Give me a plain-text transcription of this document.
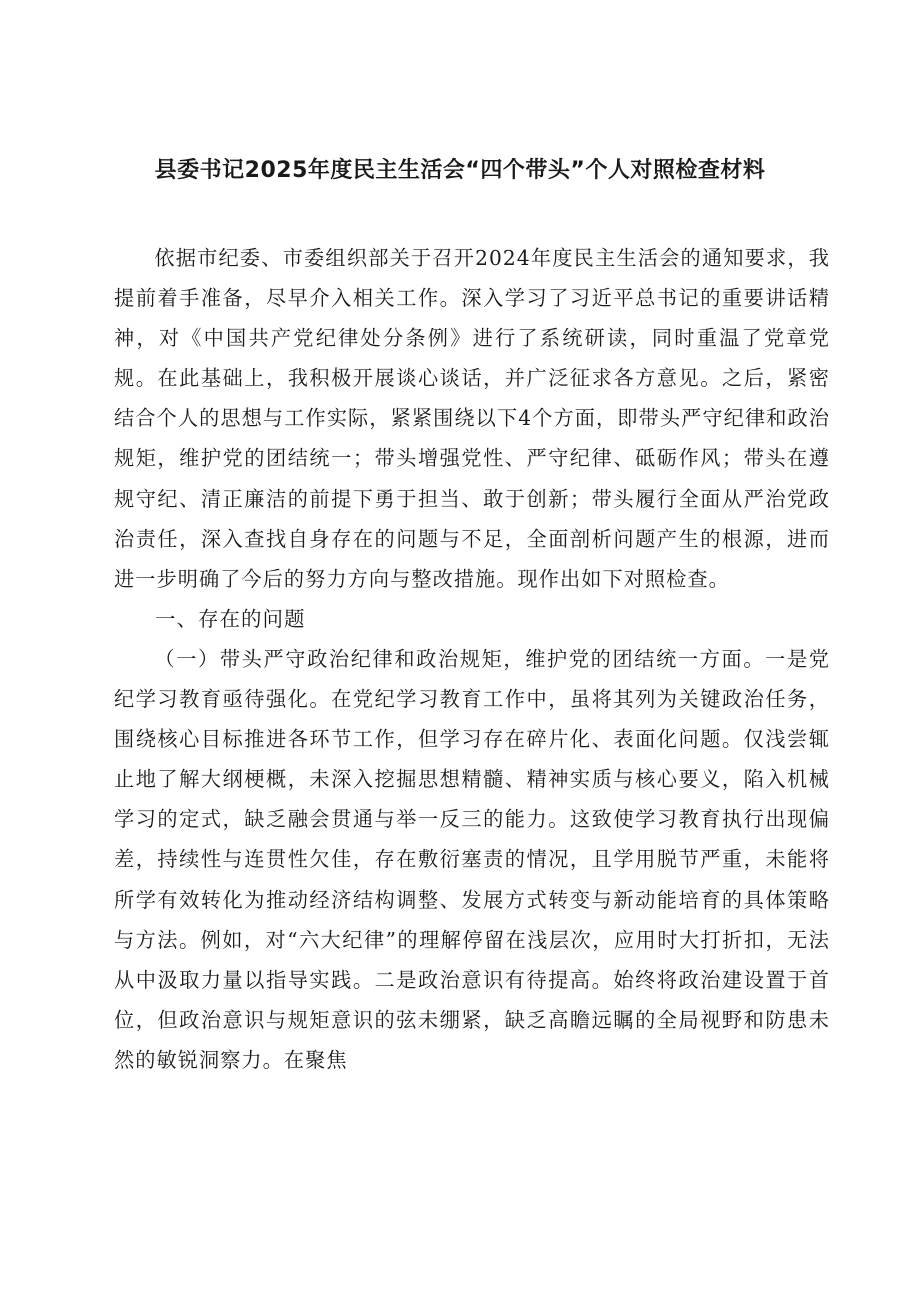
县委书记2025年度民主生活会“四个带头”个人对照检查材料

依据市纪委、市委组织部关于召开2024年度民主生活会的通知要求，我提前着手准备，尽早介入相关工作。深入学习了习近平总书记的重要讲话精神，对《中国共产党纪律处分条例》进行了系统研读，同时重温了党章党规。在此基础上，我积极开展谈心谈话，并广泛征求各方意见。之后，紧密结合个人的思想与工作实际，紧紧围绕以下4个方面，即带头严守纪律和政治规矩，维护党的团结统一；带头增强党性、严守纪律、砥砺作风；带头在遵规守纪、清正廉洁的前提下勇于担当、敢于创新；带头履行全面从严治党政治责任，深入查找自身存在的问题与不足，全面剖析问题产生的根源，进而进一步明确了今后的努力方向与整改措施。现作出如下对照检查。

一、存在的问题

（一）带头严守政治纪律和政治规矩，维护党的团结统一方面。一是党纪学习教育亟待强化。在党纪学习教育工作中，虽将其列为关键政治任务，围绕核心目标推进各环节工作，但学习存在碎片化、表面化问题。仅浅尝辄止地了解大纲梗概，未深入挖掘思想精髓、精神实质与核心要义，陷入机械学习的定式，缺乏融会贯通与举一反三的能力。这致使学习教育执行出现偏差，持续性与连贯性欠佳，存在敷衍塞责的情况，且学用脱节严重，未能将所学有效转化为推动经济结构调整、发展方式转变与新动能培育的具体策略与方法。例如，对“六大纪律”的理解停留在浅层次，应用时大打折扣，无法从中汲取力量以指导实践。二是政治意识有待提高。始终将政治建设置于首位，但政治意识与规矩意识的弦未绷紧，缺乏高瞻远瞩的全局视野和防患未然的敏锐洞察力。在聚焦
